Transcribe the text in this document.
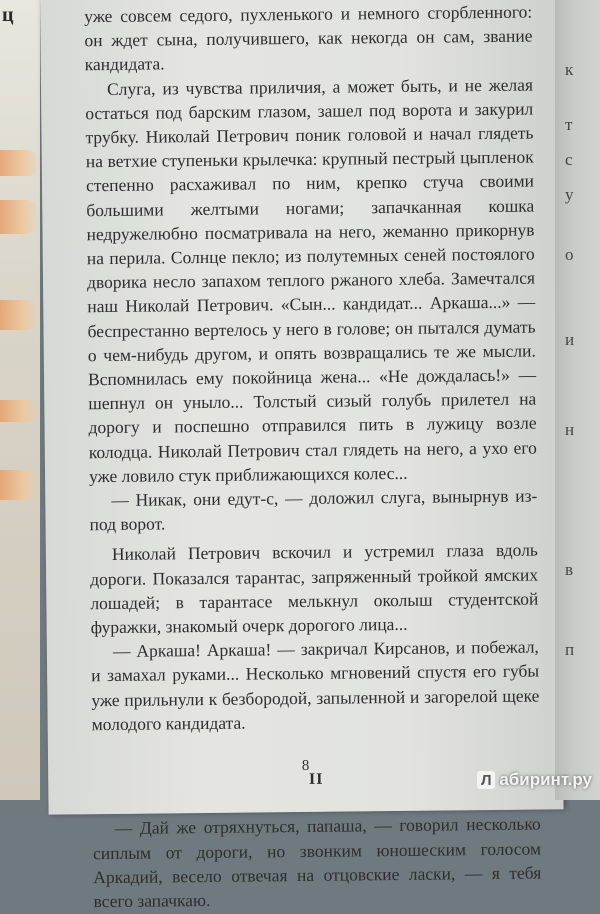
ц	уже совсем седого, пухленького и немного сгорбленного: он ждет сына, получившего, как некогда он сам, звание кандидата.

Слуга, из чувства приличия, а может быть, и не желая остаться под барским глазом, зашел под ворота и закурил трубку. Николай Петрович поник головой и начал глядеть на ветхие ступеньки крылечка: крупный пестрый цыпленок степенно расхаживал по ним, крепко стуча своими большими желтыми ногами; запачканная кошка недружелюбно посматривала на него, жеманно прикорнув на перила. Солнце пекло; из полутемных сеней постоялого дворика несло запахом теплого ржаного хлеба. Замечтался наш Николай Петрович. «Сын... кандидат... Аркаша...» — беспрестанно вертелось у него в голове; он пытался думать о чем-нибудь другом, и опять возвращались те же мысли. Вспомнилась ему покойница жена... «Не дождалась!» — шепнул он уныло... Толстый сизый голубь прилетел на дорогу и поспешно отправился пить в лужицу возле колодца. Николай Петрович стал глядеть на него, а ухо его уже ловило стук приближающихся колес...

— Никак, они едут-с, — доложил слуга, вынырнув из-под ворот.

Николай Петрович вскочил и устремил глаза вдоль дороги. Показался тарантас, запряженный тройкой ямских лошадей; в тарантасе мелькнул околыш студентской фуражки, знакомый очерк дорогого лица...

— Аркаша! Аркаша! — закричал Кирсанов, и побежал, и замахал руками... Несколько мгновений спустя его губы уже прильнули к безбородой, запыленной и загорелой щеке молодого кандидата.

II

— Дай же отряхнуться, папаша, — говорил несколько сиплым от дороги, но звонким юношеским голосом Аркадий, весело отвечая на отцовские ласки, — я тебя всего запачкаю.

8
к
т
с
у
о
и
н
в
п
Л абиринт.ру
